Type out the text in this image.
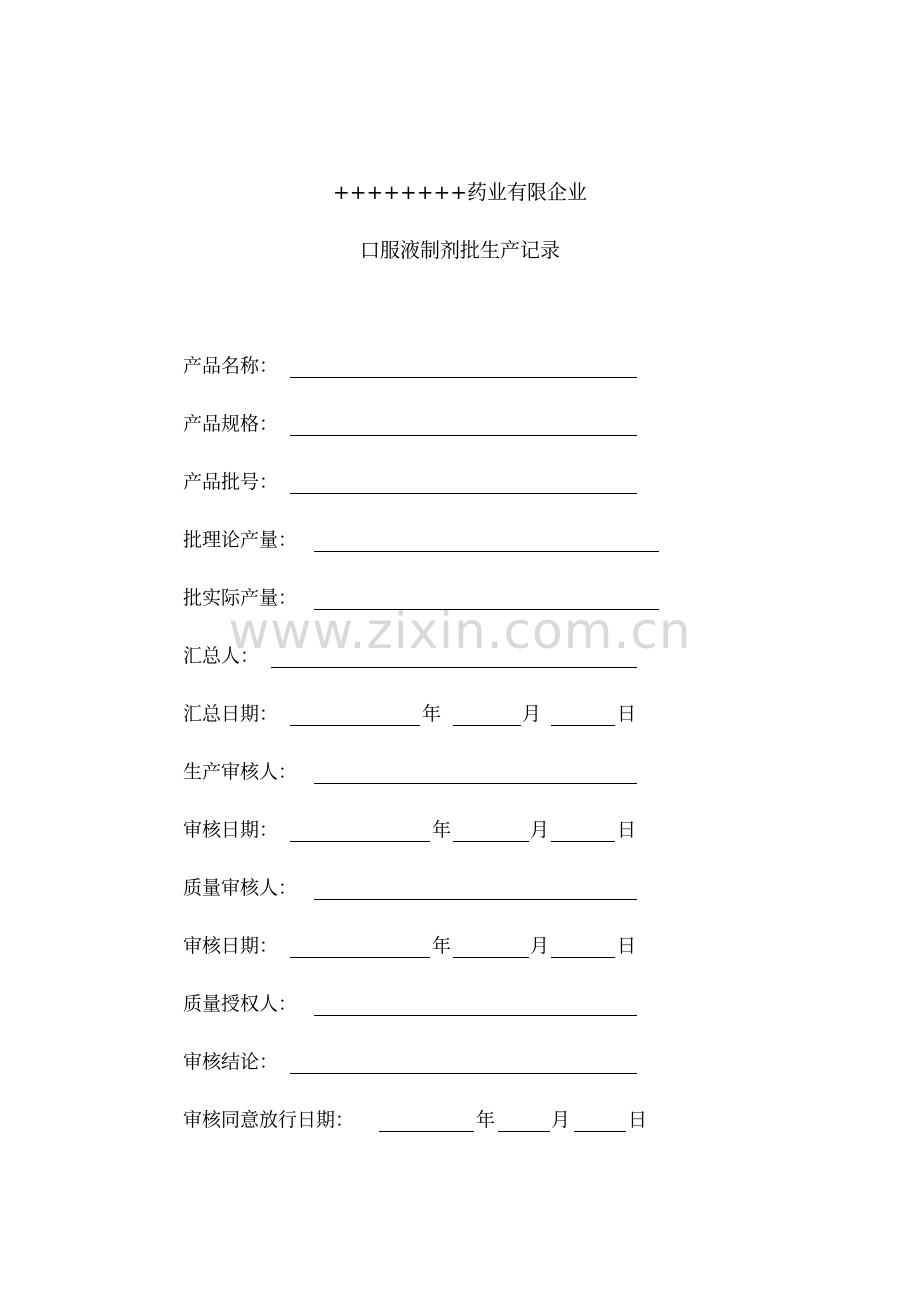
++++++++药业有限企业
口服液制剂批生产记录
www.zixin.com.cn
产品名称：
产品规格：
产品批号：
批理论产量：
批实际产量：
汇总人：
汇总日期：	年	月	日
生产审核人：
审核日期：	年	月	日
质量审核人：
审核日期：	年	月	日
质量授权人：
审核结论：
审核同意放行日期：	年	月	日
